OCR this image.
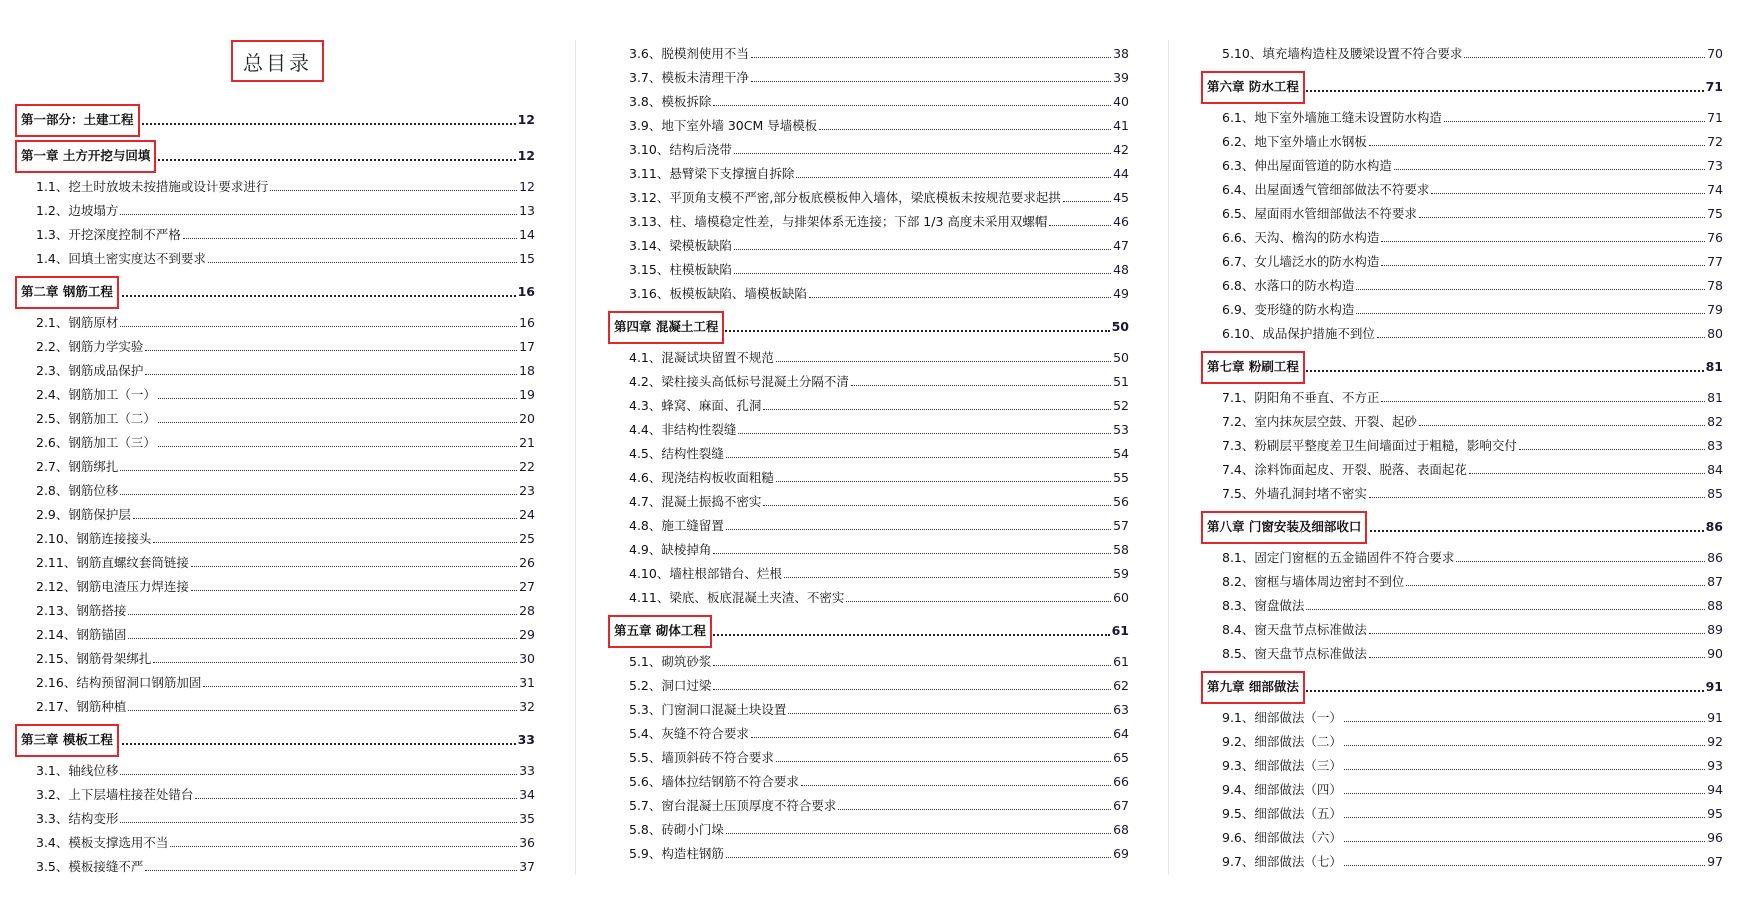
总目录
第一部分：土建工程	12
第一章 土方开挖与回填	12
1.1、挖土时放坡未按措施或设计要求进行	12
1.2、边坡塌方	13
1.3、开挖深度控制不严格	14
1.4、回填土密实度达不到要求	15
第二章 钢筋工程	16
2.1、钢筋原材	16
2.2、钢筋力学实验	17
2.3、钢筋成品保护	18
2.4、钢筋加工（一）	19
2.5、钢筋加工（二）	20
2.6、钢筋加工（三）	21
2.7、钢筋绑扎	22
2.8、钢筋位移	23
2.9、钢筋保护层	24
2.10、钢筋连接接头	25
2.11、钢筋直螺纹套筒链接	26
2.12、钢筋电渣压力焊连接	27
2.13、钢筋搭接	28
2.14、钢筋锚固	29
2.15、钢筋骨架绑扎	30
2.16、结构预留洞口钢筋加固	31
2.17、钢筋种植	32
第三章 模板工程	33
3.1、轴线位移	33
3.2、上下层墙柱接茬处错台	34
3.3、结构变形	35
3.4、模板支撑选用不当	36
3.5、模板接缝不严	37
3.6、脱模剂使用不当	38
3.7、模板未清理干净	39
3.8、模板拆除	40
3.9、地下室外墙 30CM 导墙模板	41
3.10、结构后浇带	42
3.11、悬臂梁下支撑擅自拆除	44
3.12、平顶角支模不严密,部分板底模板伸入墙体，梁底模板未按规范要求起拱	45
3.13、柱、墙模稳定性差，与排架体系无连接；下部 1/3 高度未采用双螺帽	46
3.14、梁模板缺陷	47
3.15、柱模板缺陷	48
3.16、板模板缺陷、墙模板缺陷	49
第四章 混凝土工程	50
4.1、混凝试块留置不规范	50
4.2、梁柱接头高低标号混凝土分隔不清	51
4.3、蜂窝、麻面、孔洞	52
4.4、非结构性裂缝	53
4.5、结构性裂缝	54
4.6、现浇结构板收面粗糙	55
4.7、混凝土振捣不密实	56
4.8、施工缝留置	57
4.9、缺棱掉角	58
4.10、墙柱根部错台、烂根	59
4.11、梁底、板底混凝土夹渣、不密实	60
第五章 砌体工程	61
5.1、砌筑砂浆	61
5.2、洞口过梁	62
5.3、门窗洞口混凝土块设置	63
5.4、灰缝不符合要求	64
5.5、墙顶斜砖不符合要求	65
5.6、墙体拉结钢筋不符合要求	66
5.7、窗台混凝土压顶厚度不符合要求	67
5.8、砖砌小门垛	68
5.9、构造柱钢筋	69
5.10、填充墙构造柱及腰梁设置不符合要求	70
第六章 防水工程	71
6.1、地下室外墙施工缝未设置防水构造	71
6.2、地下室外墙止水钢板	72
6.3、伸出屋面管道的防水构造	73
6.4、出屋面透气管细部做法不符要求	74
6.5、屋面雨水管细部做法不符要求	75
6.6、天沟、檐沟的防水构造	76
6.7、女儿墙泛水的防水构造	77
6.8、水落口的防水构造	78
6.9、变形缝的防水构造	79
6.10、成品保护措施不到位	80
第七章 粉刷工程	81
7.1、阴阳角不垂直、不方正	81
7.2、室内抹灰层空鼓、开裂、起砂	82
7.3、粉刷层平整度差卫生间墙面过于粗糙，影响交付	83
7.4、涂料饰面起皮、开裂、脱落、表面起花	84
7.5、外墙孔洞封堵不密实	85
第八章 门窗安装及细部收口	86
8.1、固定门窗框的五金锚固件不符合要求	86
8.2、窗框与墙体周边密封不到位	87
8.3、窗盘做法	88
8.4、窗天盘节点标准做法	89
8.5、窗天盘节点标准做法	90
第九章 细部做法	91
9.1、细部做法（一）	91
9.2、细部做法（二）	92
9.3、细部做法（三）	93
9.4、细部做法（四）	94
9.5、细部做法（五）	95
9.6、细部做法（六）	96
9.7、细部做法（七）	97
